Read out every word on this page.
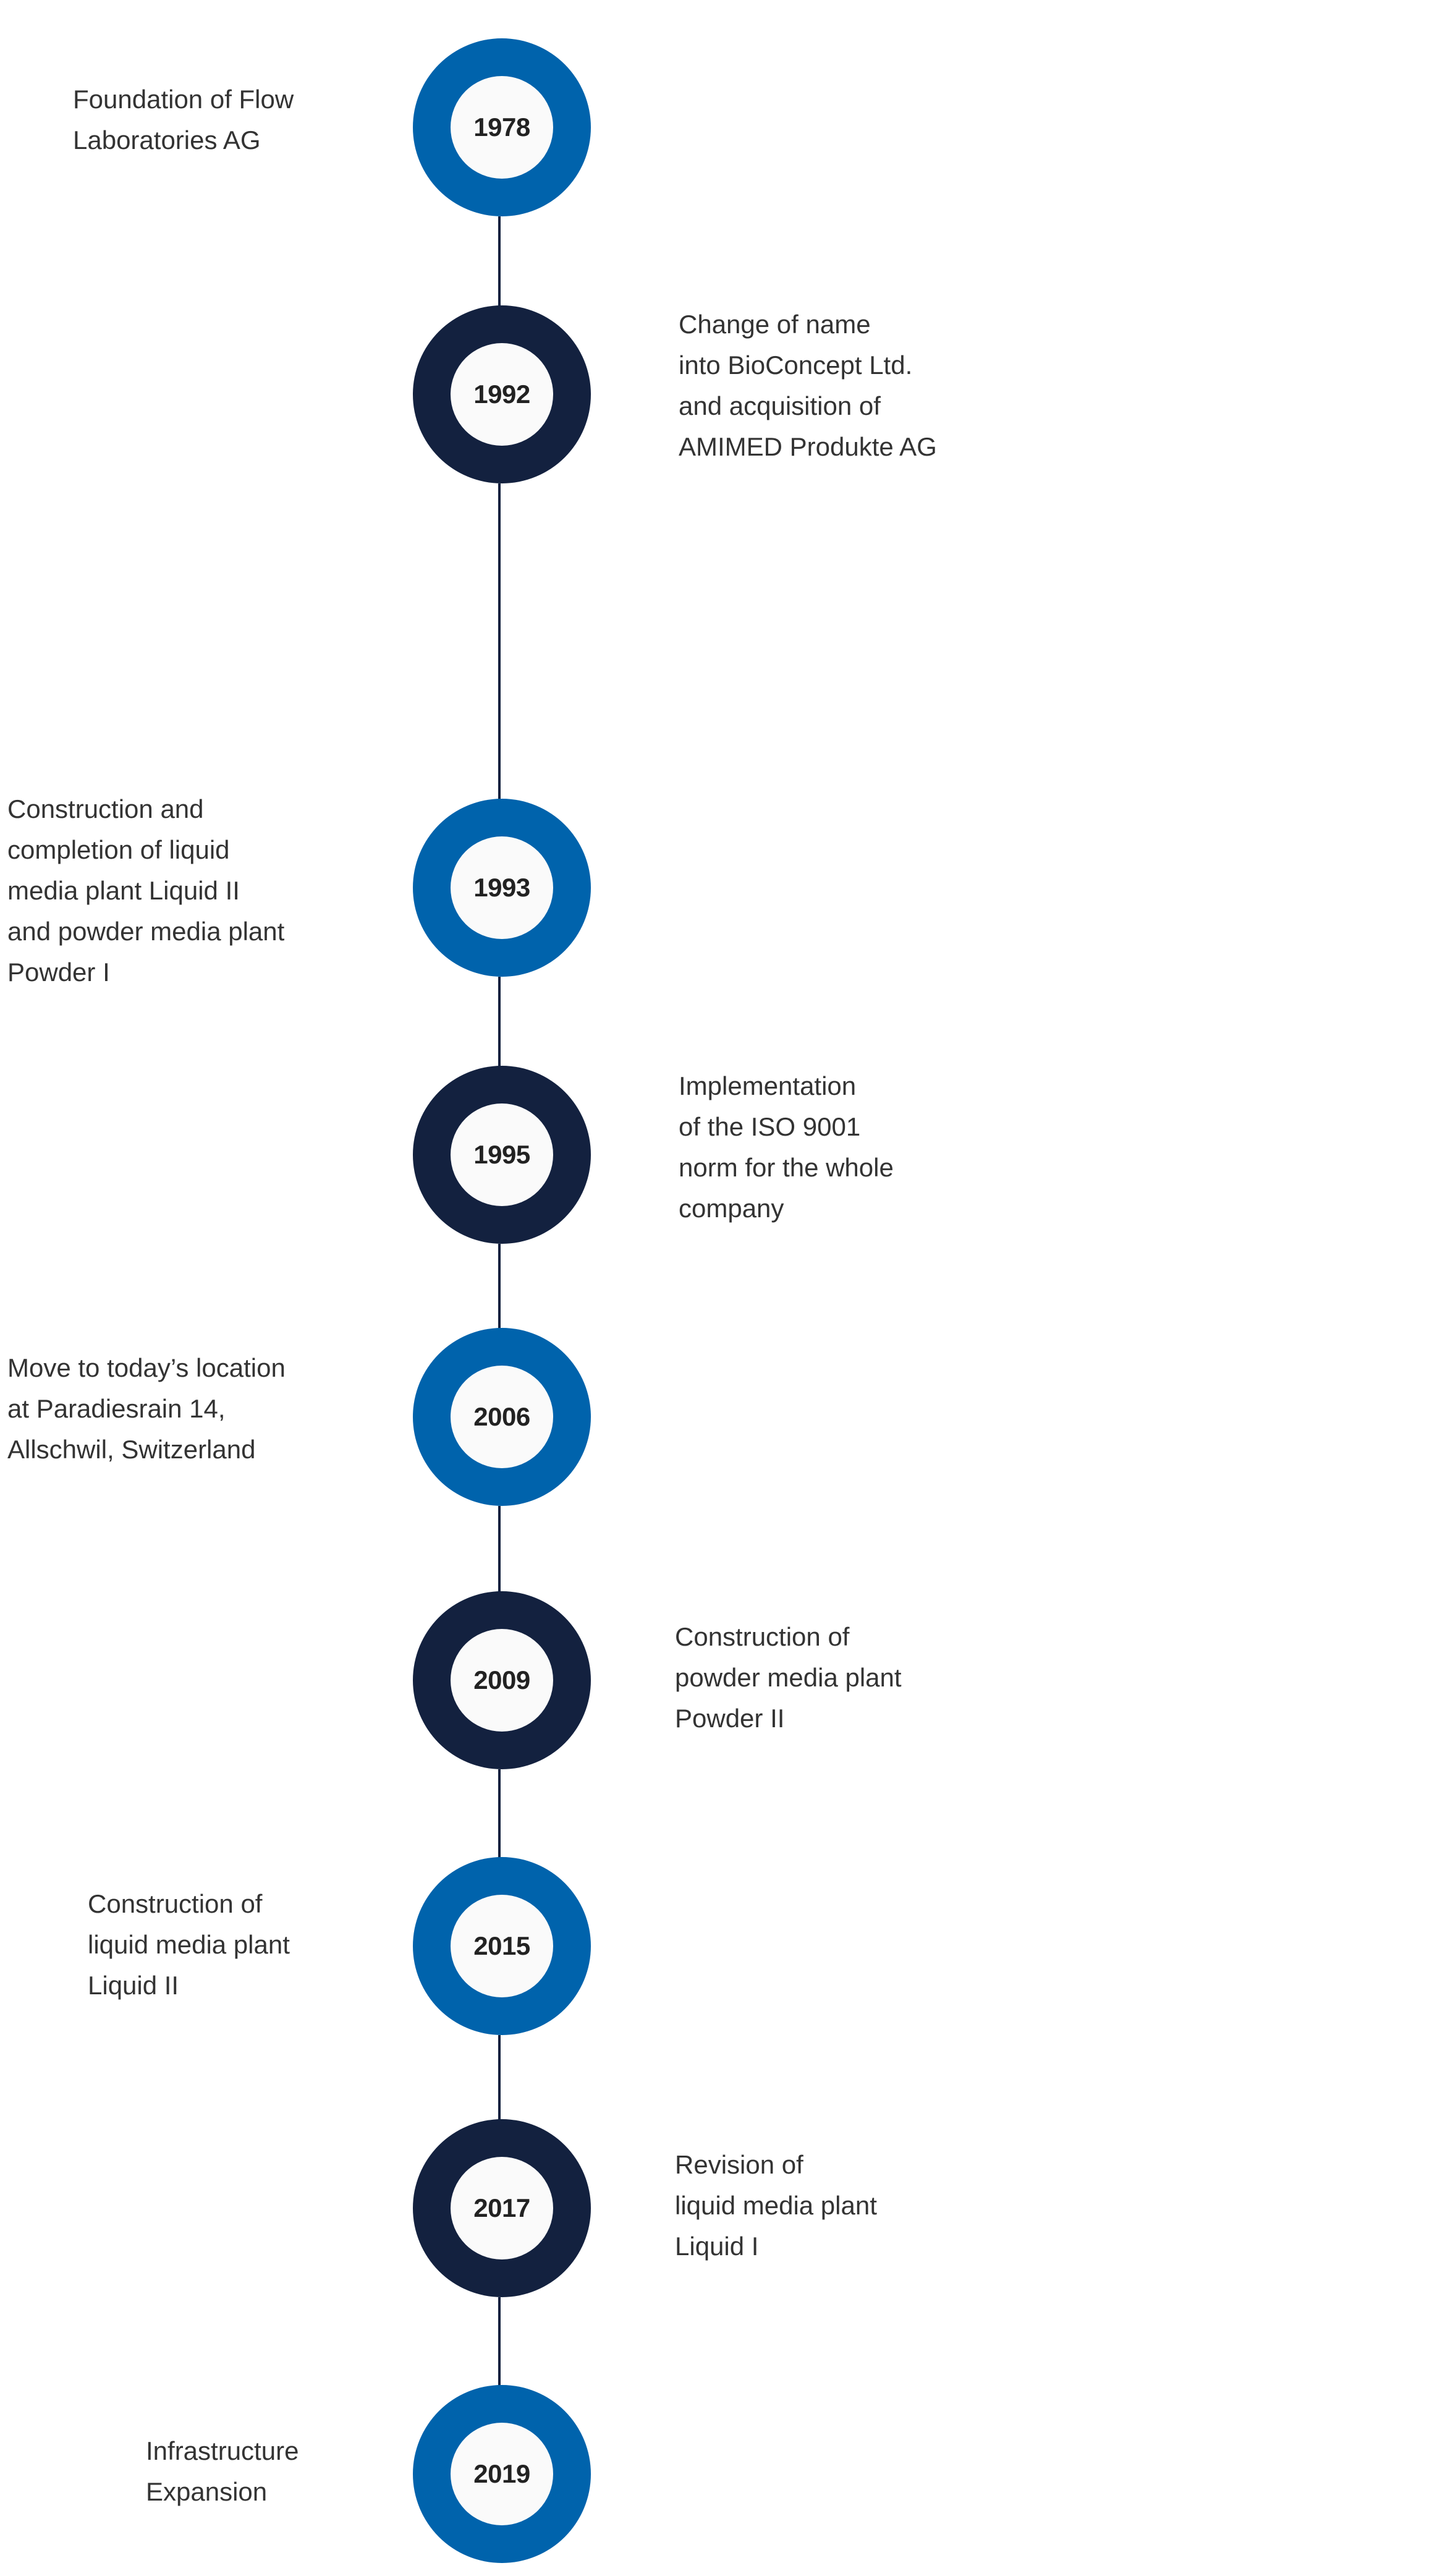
1978

Foundation of Flow
Laboratories AG

1992

Change of name
into BioConcept Ltd.
and acquisition of
AMIMED Produkte AG

1993

Construction and
completion of liquid
media plant Liquid II
and powder media plant
Powder I

1995

Implementation
of the ISO 9001
norm for the whole
company

2006

Move to today’s location
at Paradiesrain 14,
Allschwil, Switzerland

2009

Construction of
powder media plant
Powder II

2015

Construction of
liquid media plant
Liquid II

2017

Revision of
liquid media plant
Liquid I

2019

Infrastructure
Expansion
